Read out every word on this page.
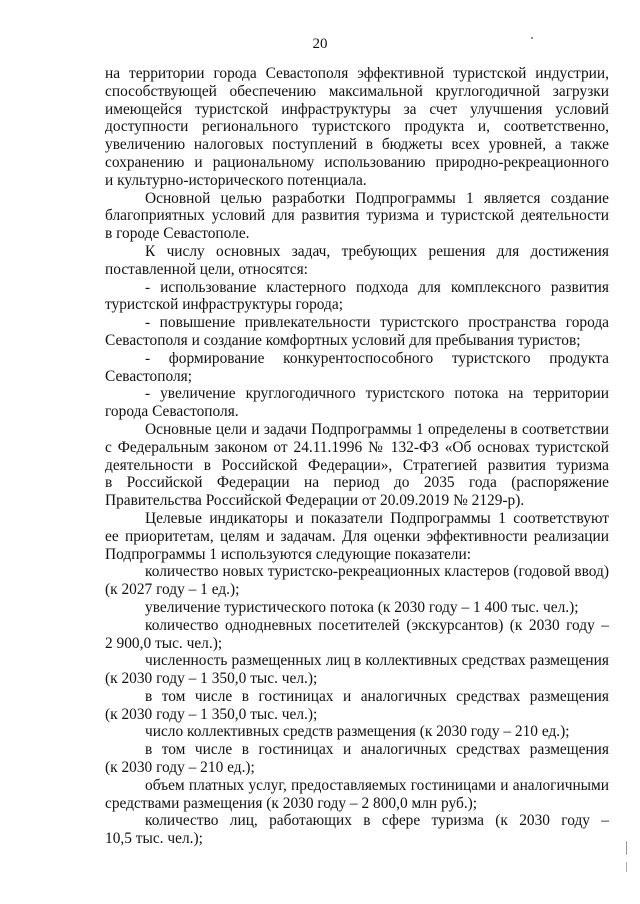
20
на территории города Севастополя эффективной туристской индустрии,
способствующей обеспечению максимальной круглогодичной загрузки
имеющейся туристской инфраструктуры за счет улучшения условий
доступности регионального туристского продукта и, соответственно,
увеличению налоговых поступлений в бюджеты всех уровней, а также
сохранению и рациональному использованию природно-рекреационного
и культурно-исторического потенциала.
Основной целью разработки Подпрограммы 1 является создание
благоприятных условий для развития туризма и туристской деятельности
в городе Севастополе.
К числу основных задач, требующих решения для достижения
поставленной цели, относятся:
- использование кластерного подхода для комплексного развития
туристской инфраструктуры города;
- повышение привлекательности туристского пространства города
Севастополя и создание комфортных условий для пребывания туристов;
- формирование конкурентоспособного туристского продукта
Севастополя;
- увеличение круглогодичного туристского потока на территории
города Севастополя.
Основные цели и задачи Подпрограммы 1 определены в соответствии
с Федеральным законом от 24.11.1996 № 132-ФЗ «Об основах туристской
деятельности в Российской Федерации», Стратегией развития туризма
в Российской Федерации на период до 2035 года (распоряжение
Правительства Российской Федерации от 20.09.2019 № 2129-р).
Целевые индикаторы и показатели Подпрограммы 1 соответствуют
ее приоритетам, целям и задачам. Для оценки эффективности реализации
Подпрограммы 1 используются следующие показатели:
количество новых туристско-рекреационных кластеров (годовой ввод)
(к 2027 году – 1 ед.);
увеличение туристического потока (к 2030 году – 1 400 тыс. чел.);
количество однодневных посетителей (экскурсантов) (к 2030 году –
2 900,0 тыс. чел.);
численность размещенных лиц в коллективных средствах размещения
(к 2030 году – 1 350,0 тыс. чел.);
в том числе в гостиницах и аналогичных средствах размещения
(к 2030 году – 1 350,0 тыс. чел.);
число коллективных средств размещения (к 2030 году – 210 ед.);
в том числе в гостиницах и аналогичных средствах размещения
(к 2030 году – 210 ед.);
объем платных услуг, предоставляемых гостиницами и аналогичными
средствами размещения (к 2030 году – 2 800,0 млн руб.);
количество лиц, работающих в сфере туризма (к 2030 году –
10,5 тыс. чел.);
